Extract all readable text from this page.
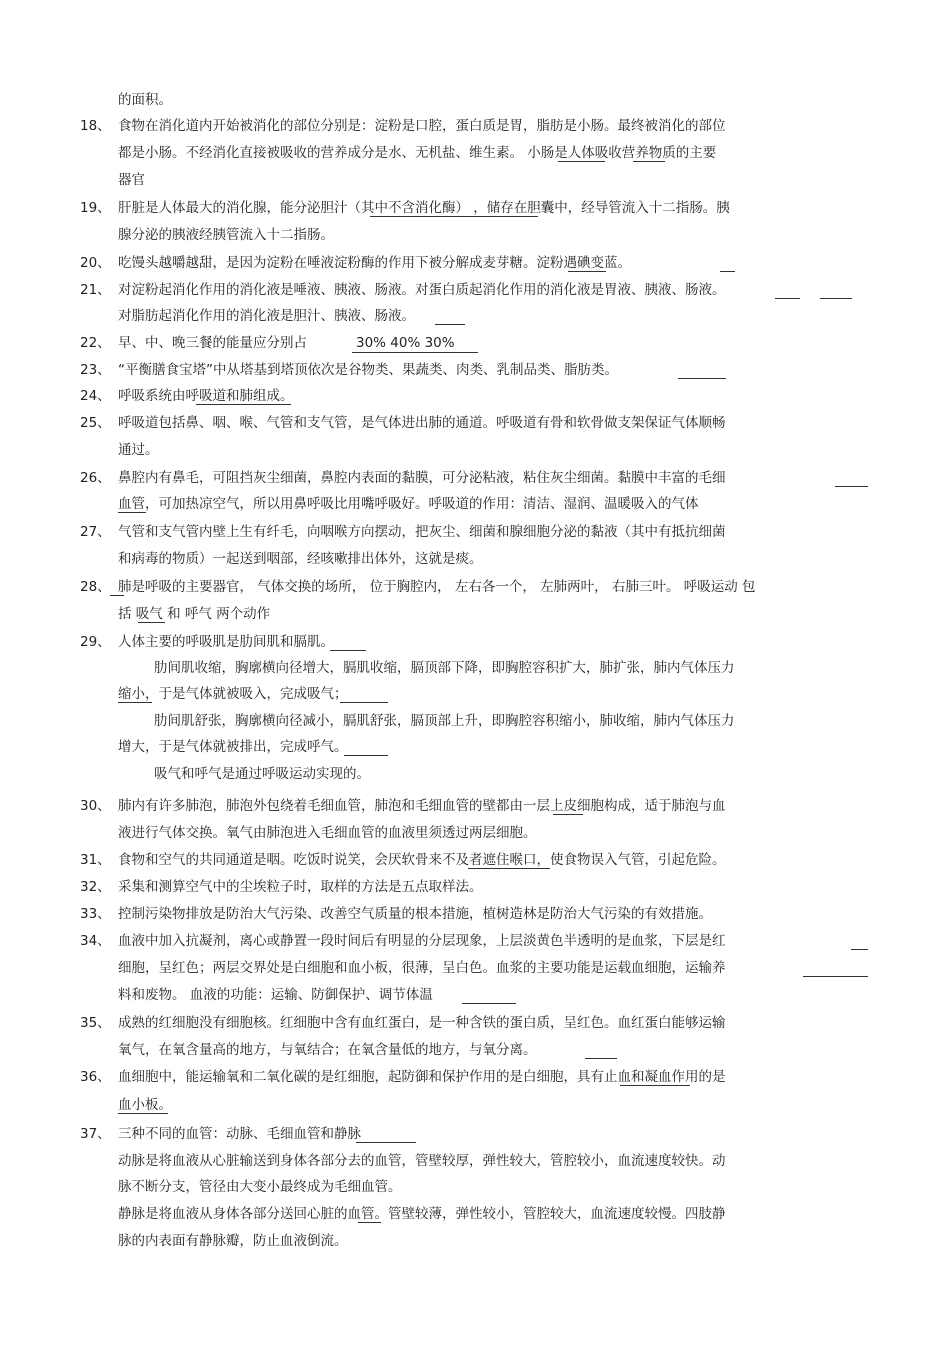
的面积。
18、 食物在消化道内开始被消化的部位分别是：淀粉是口腔，蛋白质是胃，脂肪是小肠。最终被消化的部位
都是小肠。不经消化直接被吸收的营养成分是水、无机盐、维生素。 小肠是人体吸收营养物质的主要
器官
19、 肝脏是人体最大的消化腺，能分泌胆汁（其中不含消化酶） ，储存在胆囊中，经导管流入十二指肠。胰
腺分泌的胰液经胰管流入十二指肠。
20、 吃馒头越嚼越甜，是因为淀粉在唾液淀粉酶的作用下被分解成麦芽糖。淀粉遇碘变蓝。
21、 对淀粉起消化作用的消化液是唾液、胰液、肠液。对蛋白质起消化作用的消化液是胃液、胰液、肠液。
对脂肪起消化作用的消化液是胆汁、胰液、肠液。
22、 早、中、晚三餐的能量应分别占	30% 40% 30%
23、 “平衡膳食宝塔”中从塔基到塔顶依次是谷物类、果蔬类、肉类、乳制品类、脂肪类。
24、 呼吸系统由呼吸道和肺组成。
25、 呼吸道包括鼻、咽、喉、气管和支气管，是气体进出肺的通道。呼吸道有骨和软骨做支架保证气体顺畅
通过。
26、 鼻腔内有鼻毛，可阻挡灰尘细菌，鼻腔内表面的黏膜，可分泌粘液，粘住灰尘细菌。黏膜中丰富的毛细
血管，可加热凉空气，所以用鼻呼吸比用嘴呼吸好。呼吸道的作用：清洁、湿润、温暖吸入的气体
27、 气管和支气管内壁上生有纤毛，向咽喉方向摆动，把灰尘、细菌和腺细胞分泌的黏液（其中有抵抗细菌
和病毒的物质）一起送到咽部，经咳嗽排出体外，这就是痰。
28、 肺是呼吸的主要器官， 气体交换的场所， 位于胸腔内， 左右各一个， 左肺两叶， 右肺三叶。 呼吸运动 包
括 吸气 和 呼气 两个动作
29、 人体主要的呼吸肌是肋间肌和膈肌。
肋间肌收缩，胸廓横向径增大，膈肌收缩，膈顶部下降，即胸腔容积扩大，肺扩张，肺内气体压力
缩小，于是气体就被吸入，完成吸气；
肋间肌舒张，胸廓横向径减小，膈肌舒张，膈顶部上升，即胸腔容积缩小，肺收缩，肺内气体压力
增大，于是气体就被排出，完成呼气。
吸气和呼气是通过呼吸运动实现的。
30、 肺内有许多肺泡，肺泡外包绕着毛细血管，肺泡和毛细血管的壁都由一层上皮细胞构成，适于肺泡与血
液进行气体交换。氧气由肺泡进入毛细血管的血液里须透过两层细胞。
31、 食物和空气的共同通道是咽。吃饭时说笑，会厌软骨来不及者遮住喉口，使食物误入气管，引起危险。
32、 采集和测算空气中的尘埃粒子时，取样的方法是五点取样法。
33、 控制污染物排放是防治大气污染、改善空气质量的根本措施，植树造林是防治大气污染的有效措施。
34、 血液中加入抗凝剂，离心或静置一段时间后有明显的分层现象，上层淡黄色半透明的是血浆，下层是红
细胞，呈红色；两层交界处是白细胞和血小板，很薄，呈白色。血浆的主要功能是运载血细胞，运输养
料和废物。 血液的功能：运输、防御保护、调节体温
35、 成熟的红细胞没有细胞核。红细胞中含有血红蛋白，是一种含铁的蛋白质，呈红色。血红蛋白能够运输
氧气，在氧含量高的地方，与氧结合；在氧含量低的地方，与氧分离。
36、 血细胞中，能运输氧和二氧化碳的是红细胞，起防御和保护作用的是白细胞，具有止血和凝血作用的是
血小板。
37、 三种不同的血管：动脉、毛细血管和静脉
动脉是将血液从心脏输送到身体各部分去的血管，管壁较厚，弹性较大，管腔较小，血流速度较快。动
脉不断分支，管径由大变小最终成为毛细血管。
静脉是将血液从身体各部分送回心脏的血管。管壁较薄，弹性较小，管腔较大，血流速度较慢。四肢静
脉的内表面有静脉瓣，防止血液倒流。
